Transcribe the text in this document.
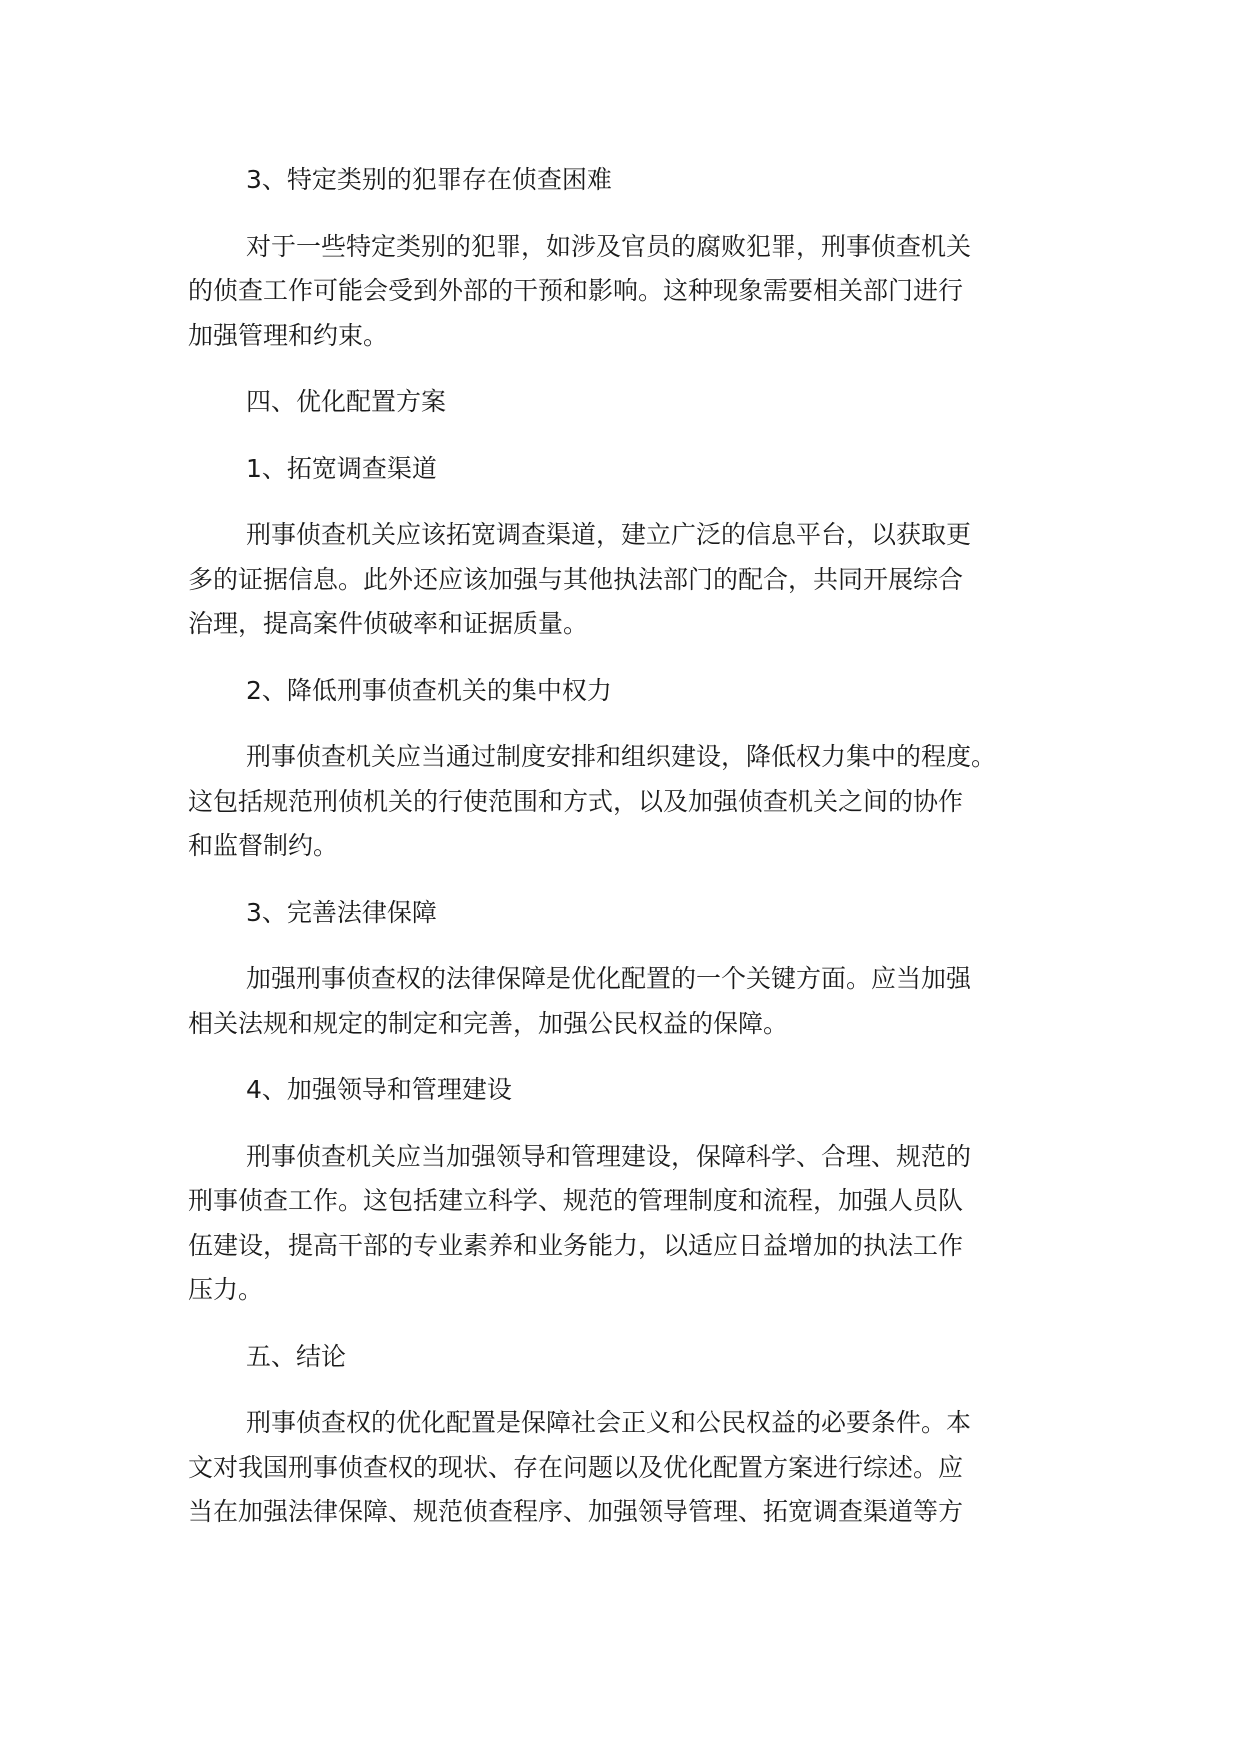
3、特定类别的犯罪存在侦查困难
对于一些特定类别的犯罪，如涉及官员的腐败犯罪，刑事侦查机关
的侦查工作可能会受到外部的干预和影响。这种现象需要相关部门进行
加强管理和约束。
四、优化配置方案
1、拓宽调查渠道
刑事侦查机关应该拓宽调查渠道，建立广泛的信息平台，以获取更
多的证据信息。此外还应该加强与其他执法部门的配合，共同开展综合
治理，提高案件侦破率和证据质量。
2、降低刑事侦查机关的集中权力
刑事侦查机关应当通过制度安排和组织建设，降低权力集中的程度。
这包括规范刑侦机关的行使范围和方式，以及加强侦查机关之间的协作
和监督制约。
3、完善法律保障
加强刑事侦查权的法律保障是优化配置的一个关键方面。应当加强
相关法规和规定的制定和完善，加强公民权益的保障。
4、加强领导和管理建设
刑事侦查机关应当加强领导和管理建设，保障科学、合理、规范的
刑事侦查工作。这包括建立科学、规范的管理制度和流程，加强人员队
伍建设，提高干部的专业素养和业务能力，以适应日益增加的执法工作
压力。
五、结论
刑事侦查权的优化配置是保障社会正义和公民权益的必要条件。本
文对我国刑事侦查权的现状、存在问题以及优化配置方案进行综述。应
当在加强法律保障、规范侦查程序、加强领导管理、拓宽调查渠道等方
